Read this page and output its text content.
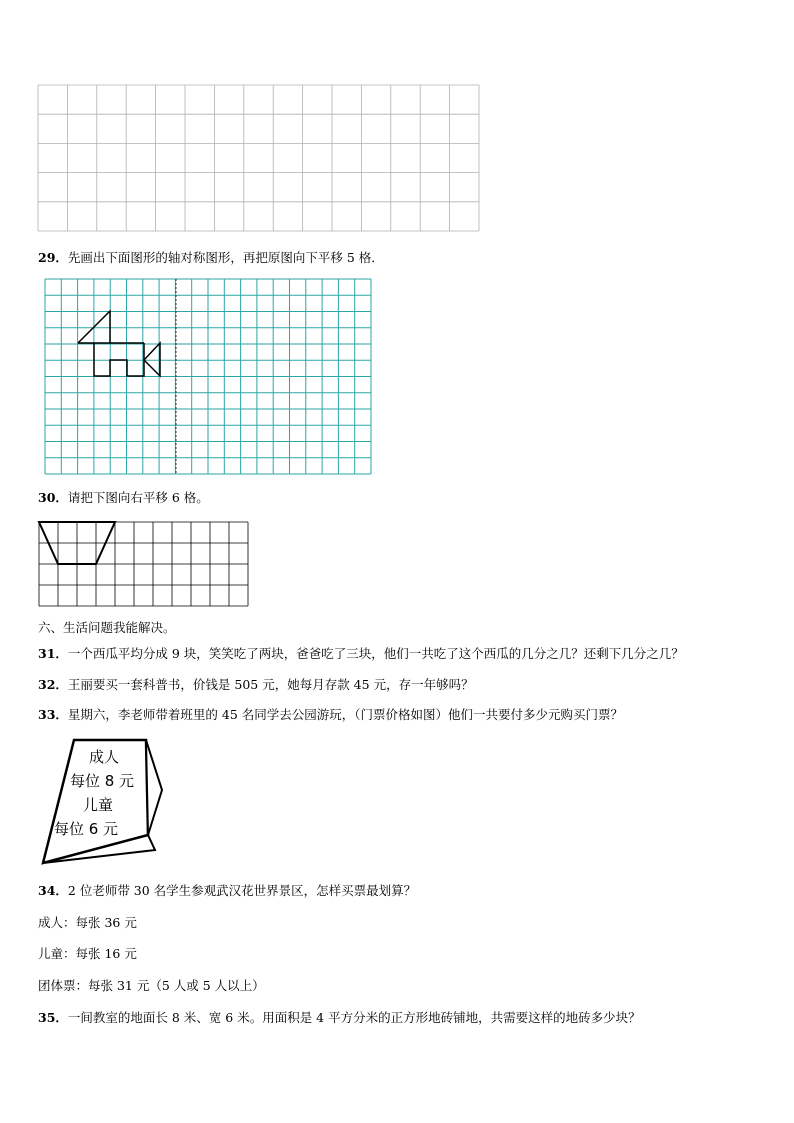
29．先画出下面图形的轴对称图形，再把原图向下平移 5 格．
30．请把下图向右平移 6 格。
六、生活问题我能解决。
31．一个西瓜平均分成 9 块，笑笑吃了两块，爸爸吃了三块，他们一共吃了这个西瓜的几分之几？还剩下几分之几？
32．王丽要买一套科普书，价钱是 505 元，她每月存款 45 元，存一年够吗？
33．星期六，李老师带着班里的 45 名同学去公园游玩，（门票价格如图）他们一共要付多少元购买门票？
成人
每位 8 元
儿童
每位 6 元
34．2 位老师带 30 名学生参观武汉花世界景区，怎样买票最划算？
成人：每张 36 元
儿童：每张 16 元
团体票：每张 31 元（5 人或 5 人以上）
35．一间教室的地面长 8 米、宽 6 米。用面积是 4 平方分米的正方形地砖铺地，共需要这样的地砖多少块？
